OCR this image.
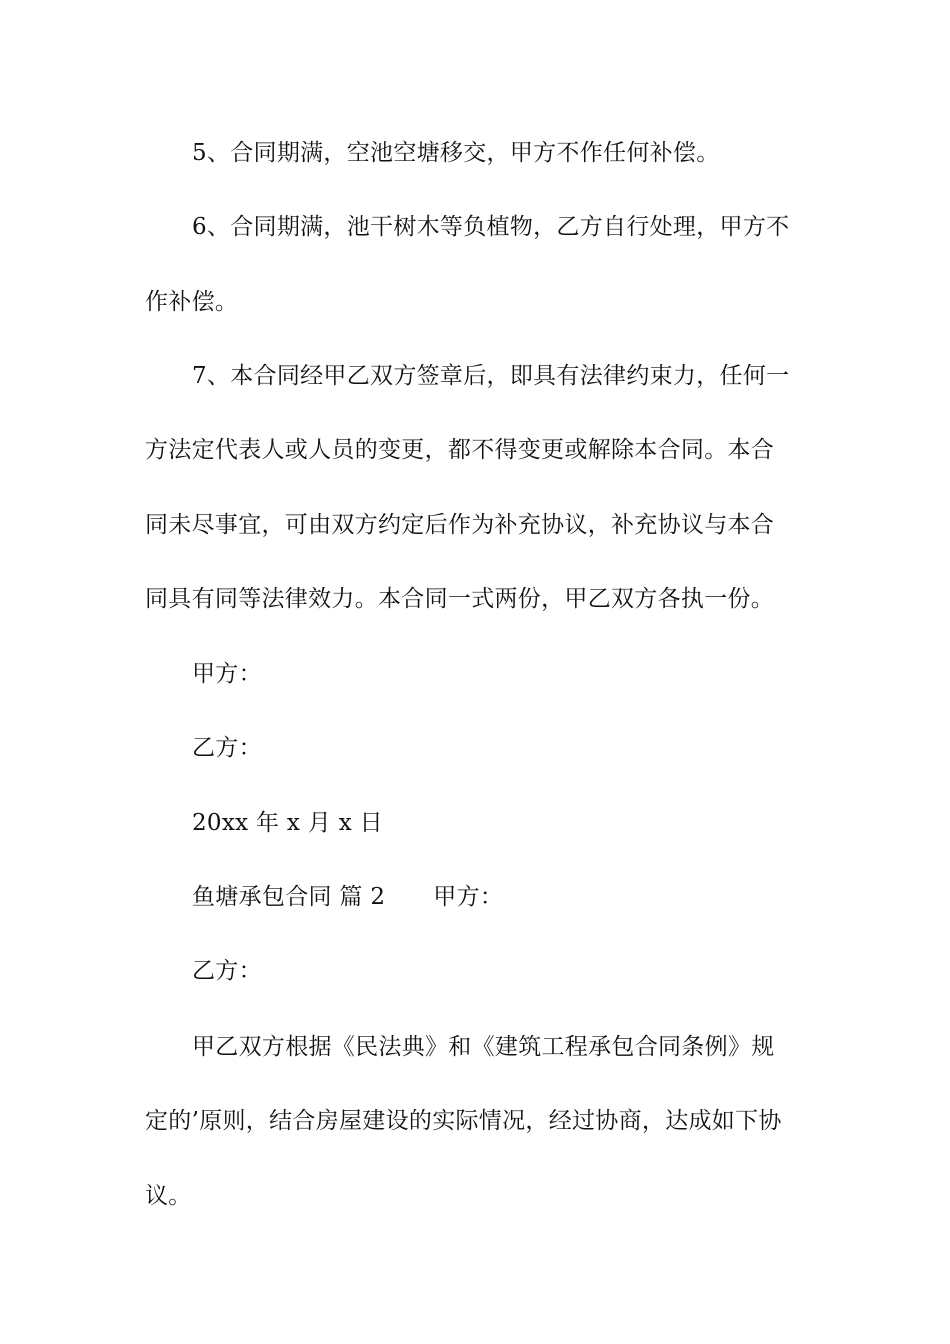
5、合同期满，空池空塘移交，甲方不作任何补偿。
6、合同期满，池干树木等负植物，乙方自行处理，甲方不
作补偿。
7、本合同经甲乙双方签章后，即具有法律约束力，任何一
方法定代表人或人员的变更，都不得变更或解除本合同。本合
同未尽事宜，可由双方约定后作为补充协议，补充协议与本合
同具有同等法律效力。本合同一式两份，甲乙双方各执一份。
甲方：
乙方：
20xx 年 x 月 x 日
鱼塘承包合同 篇 2 甲方：
乙方：
甲乙双方根据《民法典》和《建筑工程承包合同条例》规
定的’原则，结合房屋建设的实际情况，经过协商，达成如下协
议。
